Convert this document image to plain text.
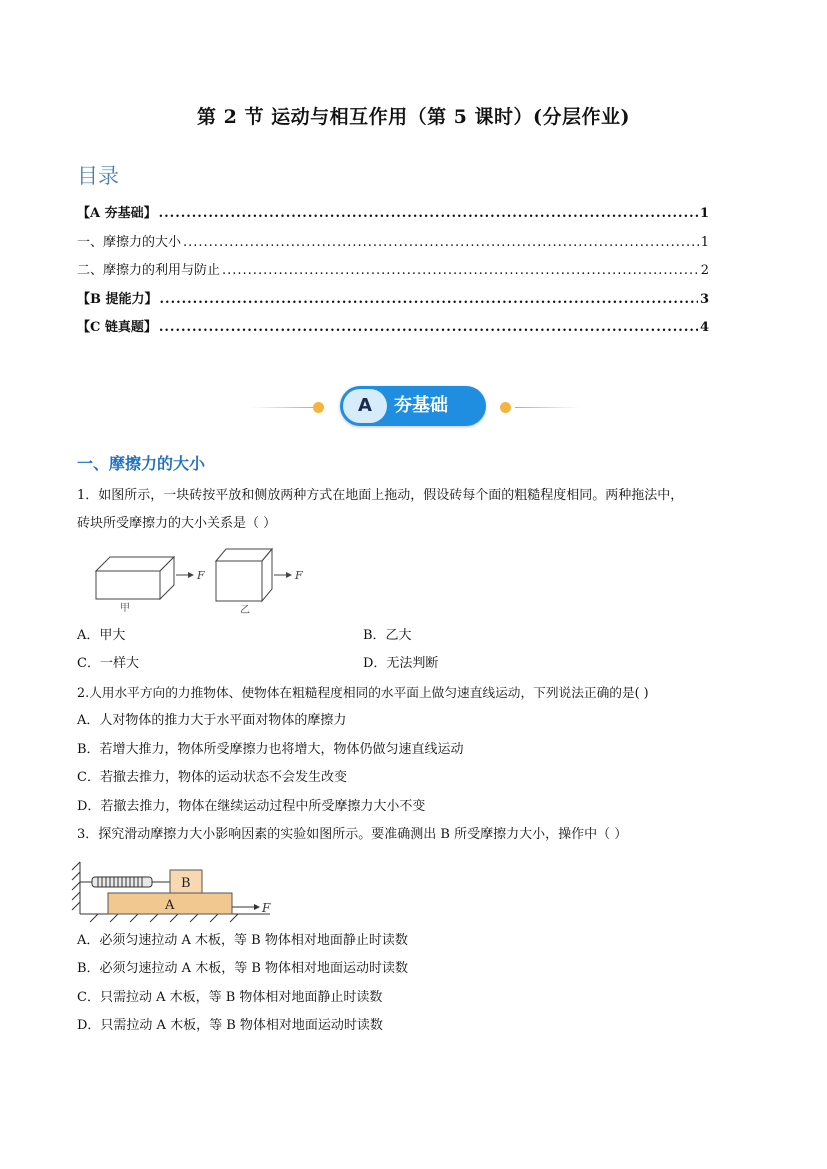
第 2 节 运动与相互作用（第 5 课时）(分层作业)
目录
【A 夯基础】 .....	1
一、摩擦力的大小 .....	1
二、摩擦力的利用与防止 .....	2
【B 提能力】 .....	3
【C 链真题】 .....	4
A	夯基础
一、摩擦力的大小
1．如图所示，一块砖按平放和侧放两种方式在地面上拖动，假设砖每个面的粗糙程度相同。两种拖法中，
砖块所受摩擦力的大小关系是（ ）
F
甲
F
乙
A．甲大	B．乙大
C．一样大	D．无法判断
2.人用水平方向的力推物体、使物体在粗糙程度相同的水平面上做匀速直线运动，下列说法正确的是( )
A．人对物体的推力大于水平面对物体的摩擦力
B．若增大推力，物体所受摩擦力也将增大，物体仍做匀速直线运动
C．若撤去推力，物体的运动状态不会发生改变
D．若撤去推力，物体在继续运动过程中所受摩擦力大小不变
3．探究滑动摩擦力大小影响因素的实验如图所示。要准确测出 B 所受摩擦力大小，操作中（ ）
B
A	F
A．必须匀速拉动 A 木板，等 B 物体相对地面静止时读数
B．必须匀速拉动 A 木板，等 B 物体相对地面运动时读数
C．只需拉动 A 木板，等 B 物体相对地面静止时读数
D．只需拉动 A 木板，等 B 物体相对地面运动时读数
